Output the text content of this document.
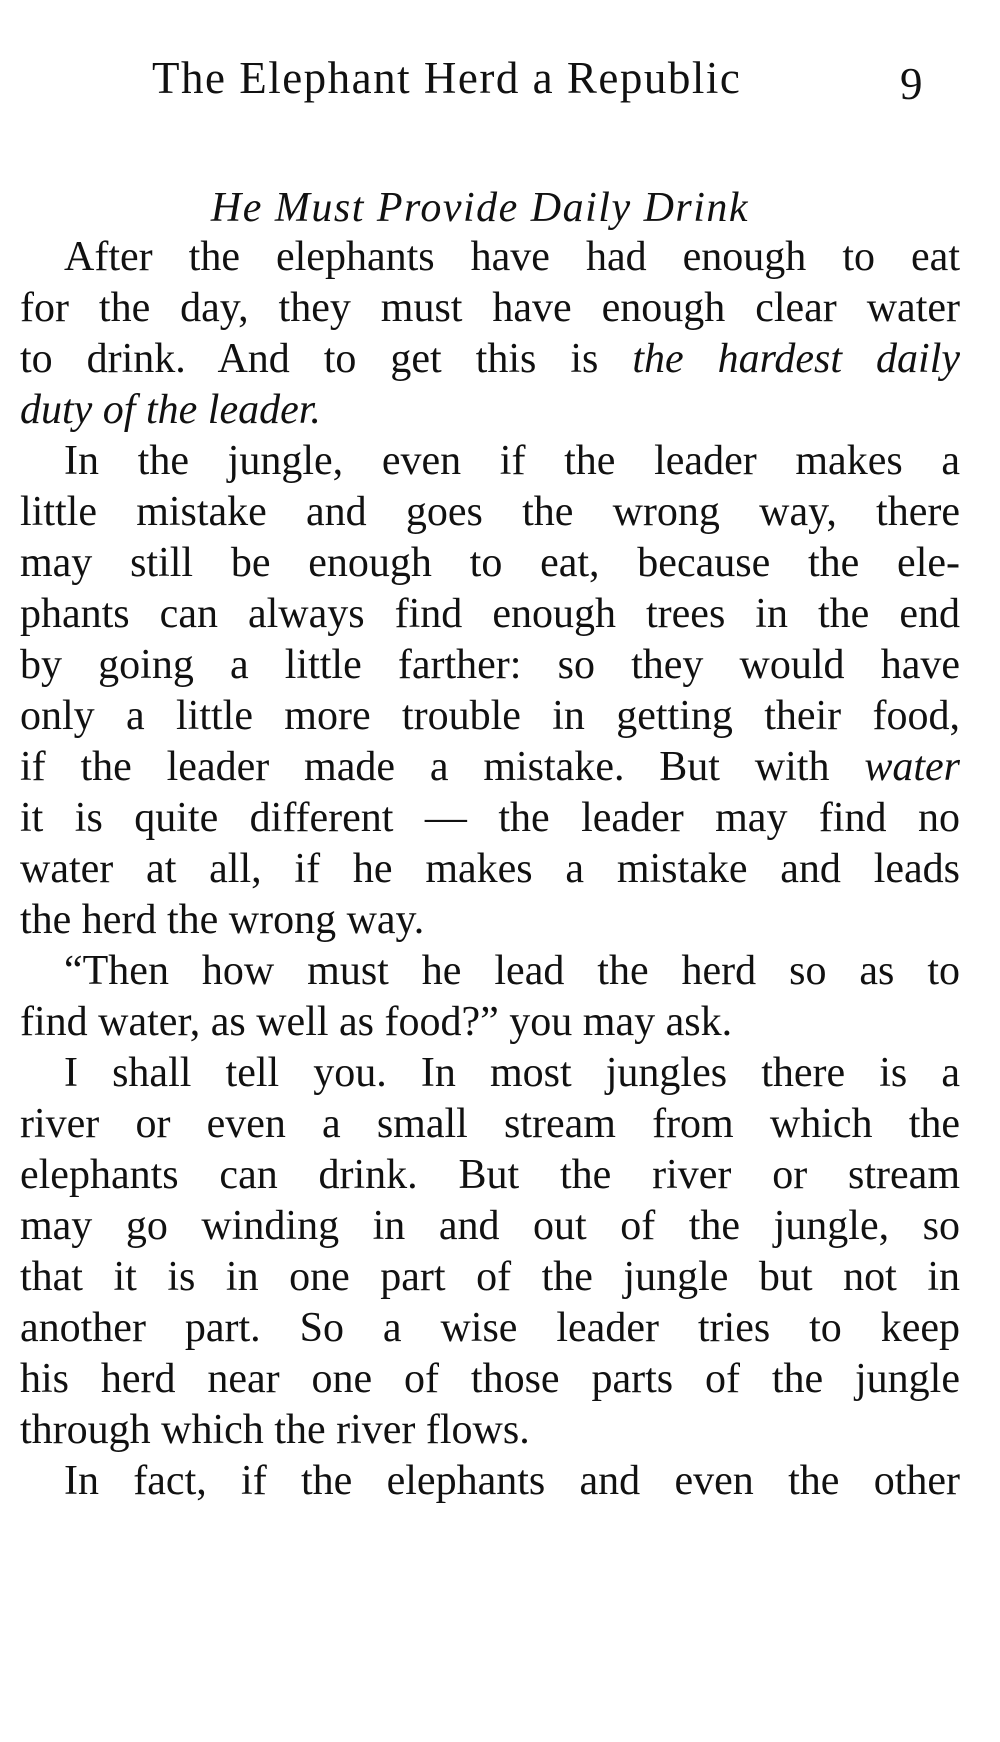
The Elephant Herd a Republic	9
He Must Provide Daily Drink
After the elephants have had enough to eat
for the day, they must have enough clear water
to drink. And to get this is the hardest daily
duty of the leader.
In the jungle, even if the leader makes a
little mistake and goes the wrong way, there
may still be enough to eat, because the ele-
phants can always find enough trees in the end
by going a little farther: so they would have
only a little more trouble in getting their food,
if the leader made a mistake. But with water
it is quite different — the leader may find no
water at all, if he makes a mistake and leads
the herd the wrong way.
“Then how must he lead the herd so as to
find water, as well as food?” you may ask.
I shall tell you. In most jungles there is a
river or even a small stream from which the
elephants can drink. But the river or stream
may go winding in and out of the jungle, so
that it is in one part of the jungle but not in
another part. So a wise leader tries to keep
his herd near one of those parts of the jungle
through which the river flows.
In fact, if the elephants and even the other
